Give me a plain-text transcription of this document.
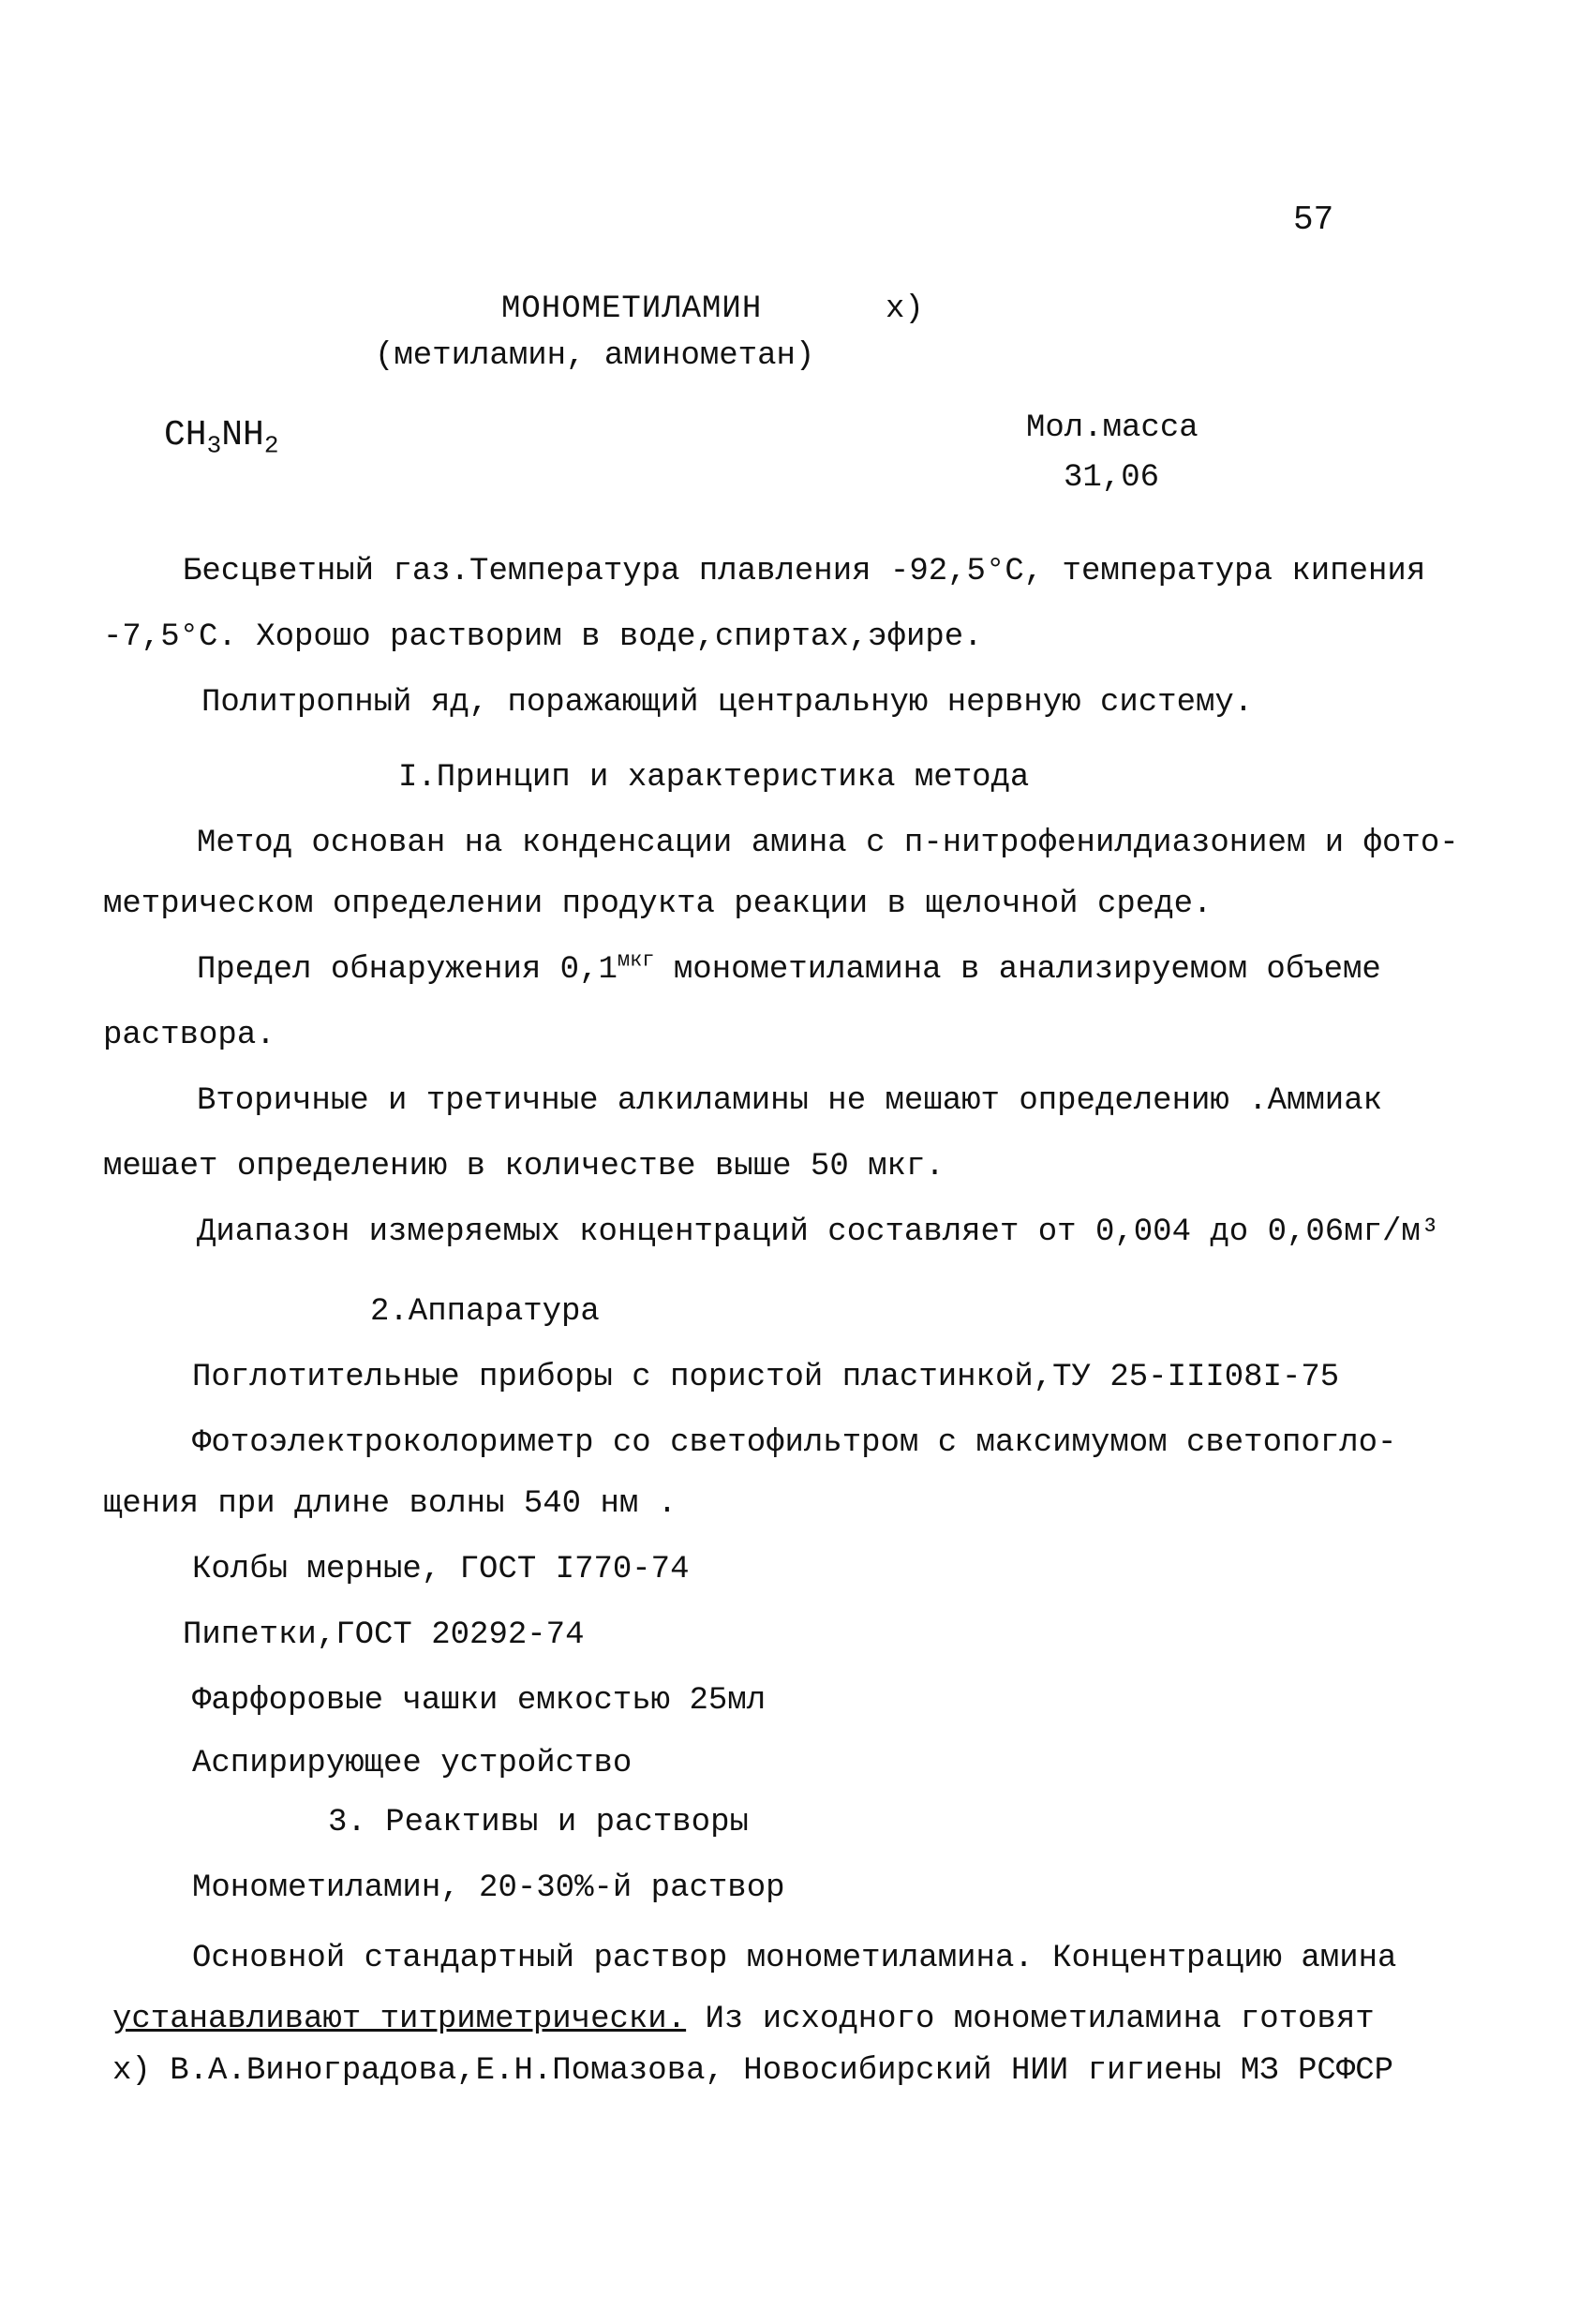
57
МОНОМЕТИЛАМИН	х)
(метиламин, аминометан)
$CH_3NH_2$	Мол.масса
31,06
Бесцветный газ.Температура плавления -92,5°С, температура кипения
-7,5°С. Хорошо растворим в воде,спиртах,эфире.
Политропный яд, поражающий центральную нервную систему.
I.Принцип и характеристика метода
Метод основан на конденсации амина с п-нитрофенилдиазонием и фото-
метрическом определении продукта реакции в щелочной среде.
Предел обнаружения $0,1^{мкг}$ монометиламина в анализируемом объеме
раствора.
Вторичные и третичные алкиламины не мешают определению .Аммиак
мешает определению в количестве выше 50 мкг.
Диапазон измеряемых концентраций составляет от 0,004 до 0,06мг/м³
2.Аппаратура
Поглотительные приборы с пористой пластинкой,ТУ 25-III08I-75
Фотоэлектроколориметр со светофильтром с максимумом светопогло-
щения при длине волны 540 нм .
Колбы мерные, ГОСТ I770-74
Пипетки,ГОСТ 20292-74
Фарфоровые чашки емкостью 25мл
Аспирирующее устройство
3. Реактивы и растворы
Монометиламин, 20-30%-й раствор
Основной стандартный раствор монометиламина. Концентрацию амина
устанавливают титриметрически. Из исходного монометиламина готовят
х) В.А.Виноградова,Е.Н.Помазова, Новосибирский НИИ гигиены МЗ РСФСР
